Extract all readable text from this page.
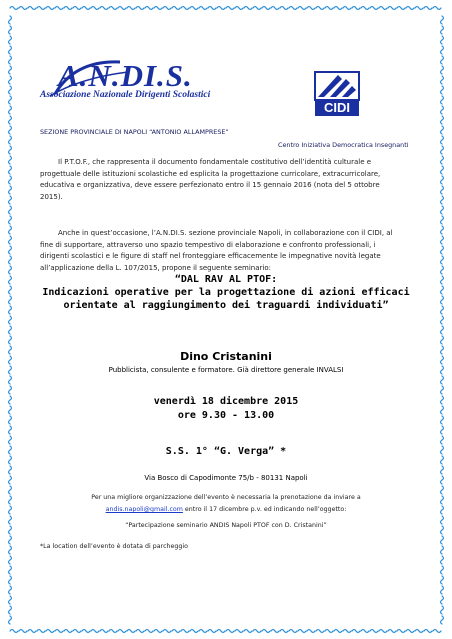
A.N.DI.S.
Associazione Nazionale Dirigenti Scolastici
CIDI
SEZIONE PROVINCIALE DI NAPOLI “ANTONIO ALLAMPRESE”
Centro Iniziativa Democratica Insegnanti
Il P.T.O.F., che rappresenta il documento fondamentale costitutivo dell’identità culturale e progettuale delle istituzioni scolastiche ed esplicita la progettazione curricolare, extracurricolare, educativa e organizzativa, deve essere perfezionato entro il 15 gennaio 2016 (nota del 5 ottobre 2015).
Anche in quest’occasione, l’A.N.DI.S. sezione provinciale Napoli, in collaborazione con il CIDI, al fine di supportare, attraverso uno spazio tempestivo di elaborazione e confronto professionali, i dirigenti scolastici e le figure di staff nel fronteggiare efficacemente le impegnative novità legate all’applicazione della L. 107/2015, propone il seguente seminario:
“DAL RAV AL PTOF:
Indicazioni operative per la progettazione di azioni efficaci
orientate al raggiungimento dei traguardi individuati”
Dino Cristanini
Pubblicista, consulente e formatore. Già direttore generale INVALSI
venerdì 18 dicembre 2015
ore 9.30 - 13.00
S.S. 1° “G. Verga” *
Via Bosco di Capodimonte 75/b - 80131 Napoli
Per una migliore organizzazione dell’evento è necessaria la prenotazione da inviare a
andis.napoli@gmail.com entro il 17 dicembre p.v. ed indicando nell’oggetto:
“Partecipazione seminario ANDIS Napoli PTOF con D. Cristanini”
*La location dell’evento è dotata di parcheggio
